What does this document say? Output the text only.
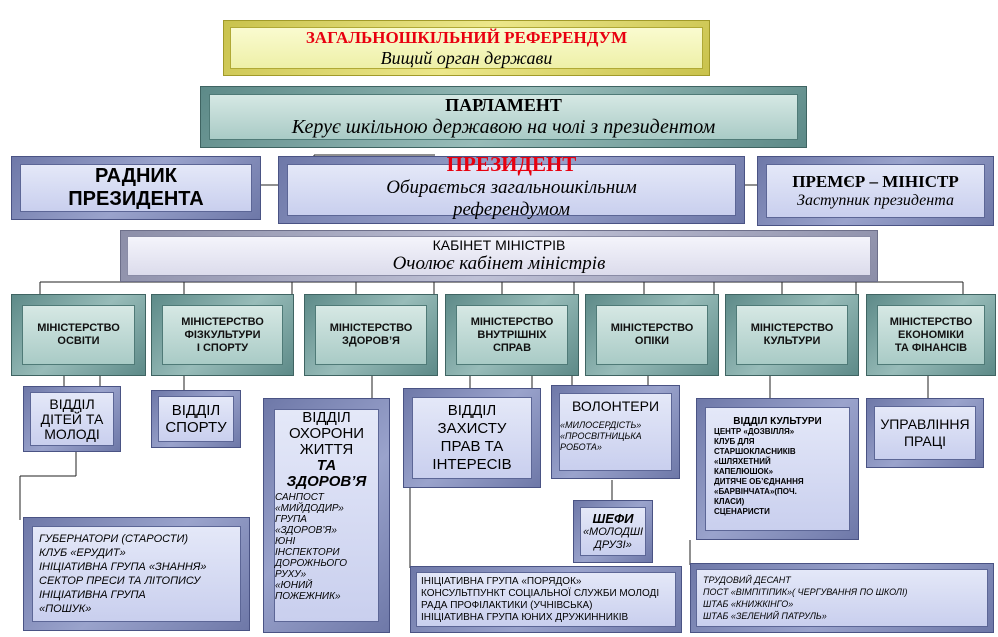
ЗАГАЛЬНОШКІЛЬНИЙ РЕФЕРЕНДУМ
Вищий орган держави
ПАРЛАМЕНТ
Керує шкільною державою на чолі з президентом
РАДНИК
ПРЕЗИДЕНТА
ПРЕЗИДЕНТ
Обирається загальношкільним
референдумом
ПРЕМЄР – МІНІСТР
Заступник президента
КАБІНЕТ МІНІСТРІВ
Очолює кабінет міністрів
МІНІСТЕРСТВО
ОСВІТИ
МІНІСТЕРСТВО
ФІЗКУЛЬТУРИ
І СПОРТУ
МІНІСТЕРСТВО
ЗДОРОВ’Я
МІНІСТЕРСТВО
ВНУТРІШНІХ
СПРАВ
МІНІСТЕРСТВО
ОПІКИ
МІНІСТЕРСТВО
КУЛЬТУРИ
МІНІСТЕРСТВО
ЕКОНОМІКИ
ТА ФІНАНСІВ
ВІДДІЛ
ДІТЕЙ ТА
МОЛОДІ
ВІДДІЛ
СПОРТУ
ВІДДІЛ
ОХОРОНИ
ЖИТТЯ
ТА
ЗДОРОВ’Я
САНПОСТ
«МИЙДОДИР»
ГРУПА
«ЗДОРОВ’Я»
ЮНІ
ІНСПЕКТОРИ
ДОРОЖНЬОГО
РУХУ»
«ЮНИЙ
ПОЖЕЖНИК»
ВІДДІЛ
ЗАХИСТУ
ПРАВ ТА
ІНТЕРЕСІВ
ВОЛОНТЕРИ
«МИЛОСЕРДІСТЬ»
«ПРОСВІТНИЦЬКА
РОБОТА»
ШЕФИ
«МОЛОДШІ
ДРУЗІ»
ВІДДІЛ КУЛЬТУРИ
ЦЕНТР «ДОЗВІЛЛЯ»
КЛУБ ДЛЯ
СТАРШОКЛАСНИКІВ
«ШЛЯХЕТНИЙ
КАПЕЛЮШОК»
ДИТЯЧЕ ОБ’ЄДНАННЯ
«БАРВІНЧАТА»(ПОЧ.
КЛАСИ)
СЦЕНАРИСТИ
УПРАВЛІННЯ
ПРАЦІ
ГУБЕРНАТОРИ (СТАРОСТИ)
КЛУБ «ЕРУДИТ»
ІНІЦІАТИВНА ГРУПА «ЗНАННЯ»
СЕКТОР ПРЕСИ ТА ЛІТОПИСУ
ІНІЦІАТИВНА ГРУПА
«ПОШУК»
ІНІЦІАТИВНА ГРУПА «ПОРЯДОК»
КОНСУЛЬТПУНКТ СОЦІАЛЬНОЇ СЛУЖБИ МОЛОДІ
РАДА ПРОФІЛАКТИКИ (УЧНІВСЬКА)
ІНІЦІАТИВНА ГРУПА ЮНИХ ДРУЖИННИКІВ
ТРУДОВИЙ ДЕСАНТ
ПОСТ «ВІМПІТІПИК»( ЧЕРГУВАННЯ ПО ШКОЛІ)
ШТАБ «КНИЖКІНГО»
ШТАБ «ЗЕЛЕНИЙ ПАТРУЛЬ»
